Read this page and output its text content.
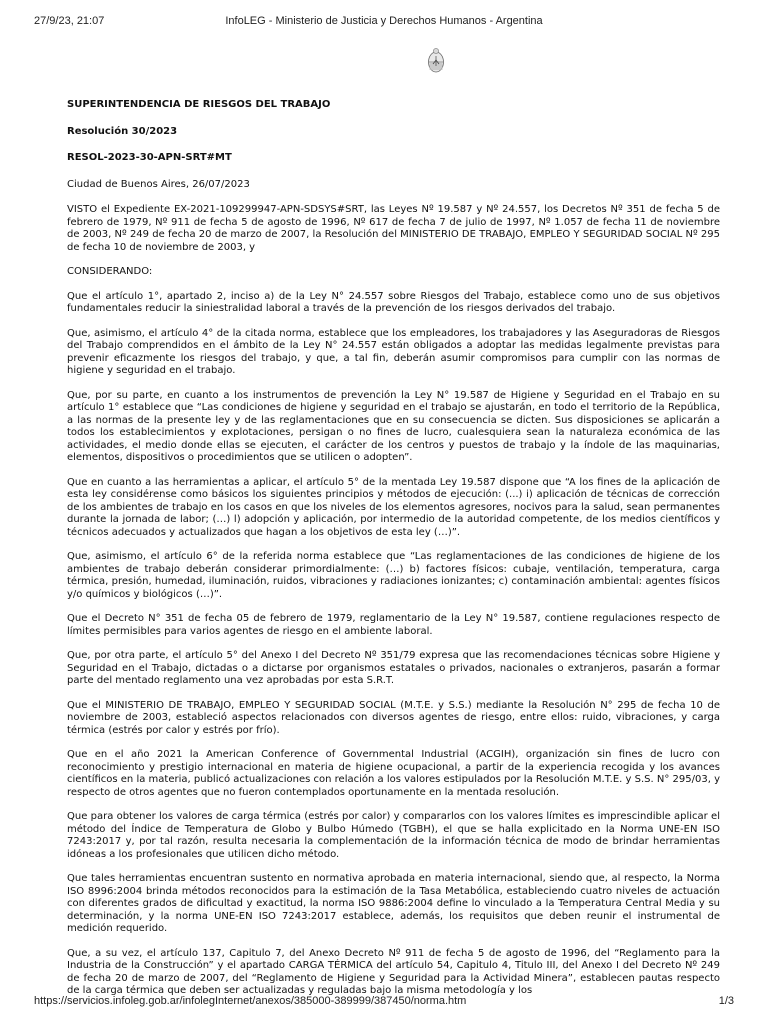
27/9/23, 21:07	InfoLEG - Ministerio de Justicia y Derechos Humanos - Argentina

SUPERINTENDENCIA DE RIESGOS DEL TRABAJO

Resolución 30/2023

RESOL-2023-30-APN-SRT#MT

Ciudad de Buenos Aires, 26/07/2023

VISTO el Expediente EX-2021-109299947-APN-SDSYS#SRT, las Leyes Nº 19.587 y Nº 24.557, los Decretos Nº 351 de fecha 5 de febrero de 1979, Nº 911 de fecha 5 de agosto de 1996, Nº 617 de fecha 7 de julio de 1997, Nº 1.057 de fecha 11 de noviembre de 2003, Nº 249 de fecha 20 de marzo de 2007, la Resolución del MINISTERIO DE TRABAJO, EMPLEO Y SEGURIDAD SOCIAL Nº 295 de fecha 10 de noviembre de 2003, y

CONSIDERANDO:

Que el artículo 1°, apartado 2, inciso a) de la Ley N° 24.557 sobre Riesgos del Trabajo, establece como uno de sus objetivos fundamentales reducir la siniestralidad laboral a través de la prevención de los riesgos derivados del trabajo.

Que, asimismo, el artículo 4° de la citada norma, establece que los empleadores, los trabajadores y las Aseguradoras de Riesgos del Trabajo comprendidos en el ámbito de la Ley N° 24.557 están obligados a adoptar las medidas legalmente previstas para prevenir eficazmente los riesgos del trabajo, y que, a tal fin, deberán asumir compromisos para cumplir con las normas de higiene y seguridad en el trabajo.

Que, por su parte, en cuanto a los instrumentos de prevención la Ley N° 19.587 de Higiene y Seguridad en el Trabajo en su artículo 1° establece que “Las condiciones de higiene y seguridad en el trabajo se ajustarán, en todo el territorio de la República, a las normas de la presente ley y de las reglamentaciones que en su consecuencia se dicten. Sus disposiciones se aplicarán a todos los establecimientos y explotaciones, persigan o no fines de lucro, cualesquiera sean la naturaleza económica de las actividades, el medio donde ellas se ejecuten, el carácter de los centros y puestos de trabajo y la índole de las maquinarias, elementos, dispositivos o procedimientos que se utilicen o adopten”.

Que en cuanto a las herramientas a aplicar, el artículo 5° de la mentada Ley 19.587 dispone que “A los fines de la aplicación de esta ley considérense como básicos los siguientes principios y métodos de ejecución: (...) i) aplicación de técnicas de corrección de los ambientes de trabajo en los casos en que los niveles de los elementos agresores, nocivos para la salud, sean permanentes durante la jornada de labor; (…) l) adopción y aplicación, por intermedio de la autoridad competente, de los medios científicos y técnicos adecuados y actualizados que hagan a los objetivos de esta ley (…)”.

Que, asimismo, el artículo 6° de la referida norma establece que “Las reglamentaciones de las condiciones de higiene de los ambientes de trabajo deberán considerar primordialmente: (…) b) factores físicos: cubaje, ventilación, temperatura, carga térmica, presión, humedad, iluminación, ruidos, vibraciones y radiaciones ionizantes; c) contaminación ambiental: agentes físicos y/o químicos y biológicos (…)”.

Que el Decreto N° 351 de fecha 05 de febrero de 1979, reglamentario de la Ley N° 19.587, contiene regulaciones respecto de límites permisibles para varios agentes de riesgo en el ambiente laboral.

Que, por otra parte, el artículo 5° del Anexo I del Decreto Nº 351/79 expresa que las recomendaciones técnicas sobre Higiene y Seguridad en el Trabajo, dictadas o a dictarse por organismos estatales o privados, nacionales o extranjeros, pasarán a formar parte del mentado reglamento una vez aprobadas por esta S.R.T.

Que el MINISTERIO DE TRABAJO, EMPLEO Y SEGURIDAD SOCIAL (M.T.E. y S.S.) mediante la Resolución N° 295 de fecha 10 de noviembre de 2003, estableció aspectos relacionados con diversos agentes de riesgo, entre ellos: ruido, vibraciones, y carga térmica (estrés por calor y estrés por frío).

Que en el año 2021 la American Conference of Governmental Industrial (ACGIH), organización sin fines de lucro con reconocimiento y prestigio internacional en materia de higiene ocupacional, a partir de la experiencia recogida y los avances científicos en la materia, publicó actualizaciones con relación a los valores estipulados por la Resolución M.T.E. y S.S. N° 295/03, y respecto de otros agentes que no fueron contemplados oportunamente en la mentada resolución.

Que para obtener los valores de carga térmica (estrés por calor) y compararlos con los valores límites es imprescindible aplicar el método del Índice de Temperatura de Globo y Bulbo Húmedo (TGBH), el que se halla explicitado en la Norma UNE-EN ISO 7243:2017 y, por tal razón, resulta necesaria la complementación de la información técnica de modo de brindar herramientas idóneas a los profesionales que utilicen dicho método.

Que tales herramientas encuentran sustento en normativa aprobada en materia internacional, siendo que, al respecto, la Norma ISO 8996:2004 brinda métodos reconocidos para la estimación de la Tasa Metabólica, estableciendo cuatro niveles de actuación con diferentes grados de dificultad y exactitud, la norma ISO 9886:2004 define lo vinculado a la Temperatura Central Media y su determinación, y la norma UNE-EN ISO 7243:2017 establece, además, los requisitos que deben reunir el instrumental de medición requerido.

Que, a su vez, el artículo 137, Capitulo 7, del Anexo Decreto Nº 911 de fecha 5 de agosto de 1996, del “Reglamento para la Industria de la Construcción” y el apartado CARGA TÉRMICA del artículo 54, Capitulo 4, Titulo III, del Anexo I del Decreto Nº 249 de fecha 20 de marzo de 2007, del “Reglamento de Higiene y Seguridad para la Actividad Minera”, establecen pautas respecto de la carga térmica que deben ser actualizadas y reguladas bajo la misma metodología y los

https://servicios.infoleg.gob.ar/infolegInternet/anexos/385000-389999/387450/norma.htm	1/3
